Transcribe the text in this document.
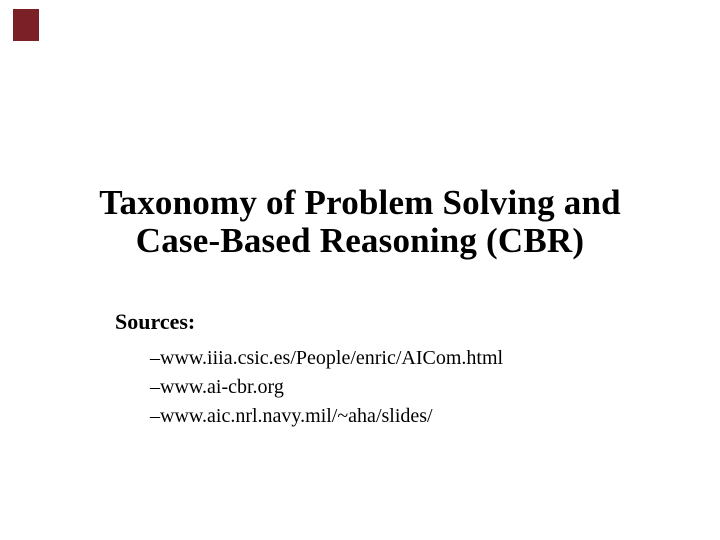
Taxonomy of Problem Solving and
Case-Based Reasoning (CBR)
Sources:
–www.iiia.csic.es/People/enric/AICom.html
–www.ai-cbr.org
–www.aic.nrl.navy.mil/~aha/slides/
